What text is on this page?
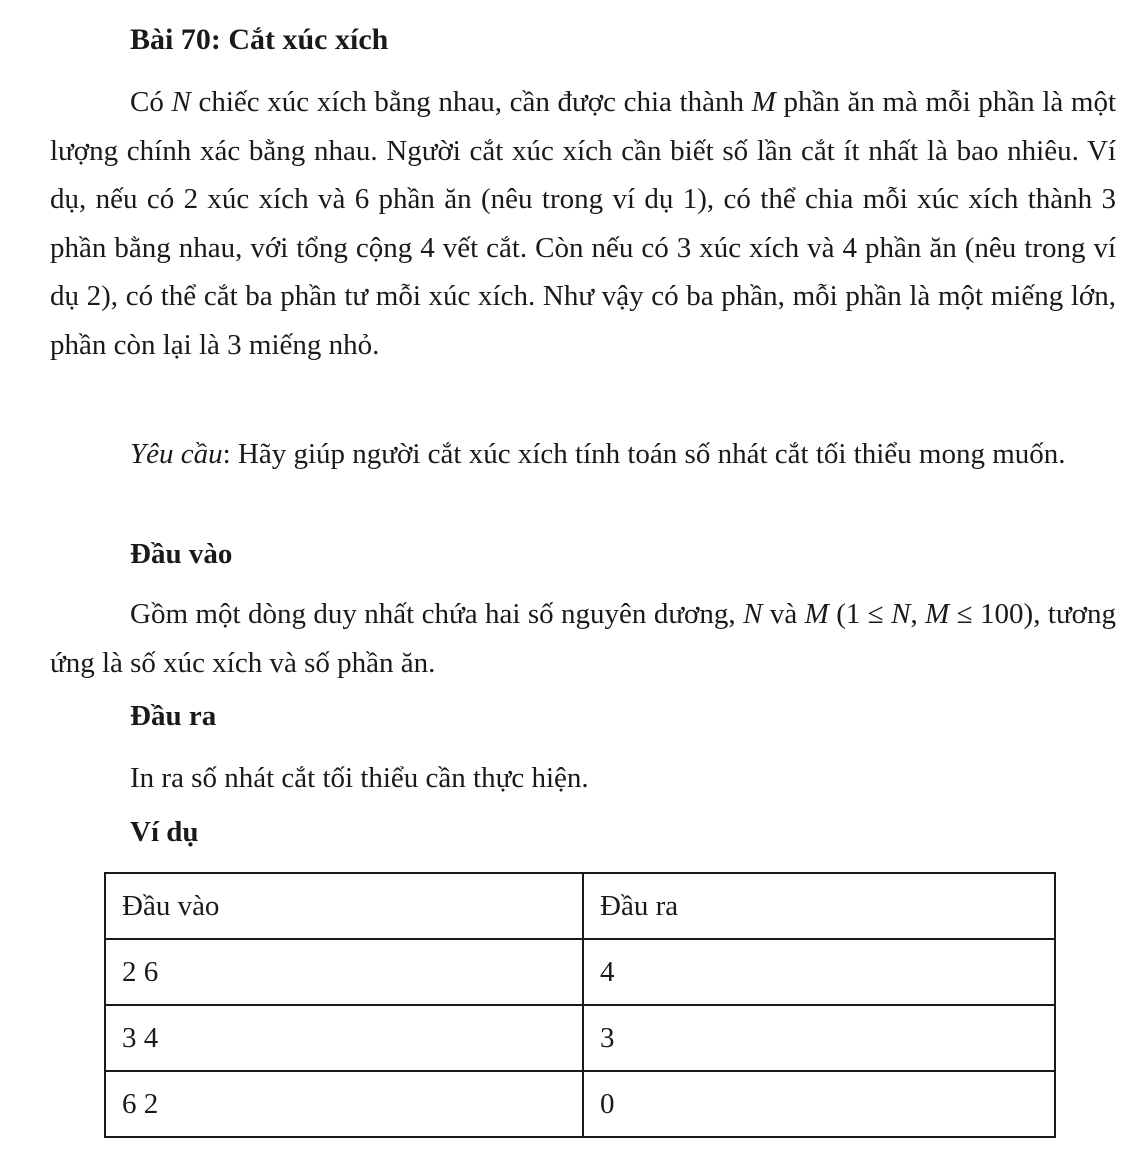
Bài 70: Cắt xúc xích

Có N chiếc xúc xích bằng nhau, cần được chia thành M phần ăn mà mỗi phần là một lượng chính xác bằng nhau. Người cắt xúc xích cần biết số lần cắt ít nhất là bao nhiêu. Ví dụ, nếu có 2 xúc xích và 6 phần ăn (nêu trong ví dụ 1), có thể chia mỗi xúc xích thành 3 phần bằng nhau, với tổng cộng 4 vết cắt. Còn nếu có 3 xúc xích và 4 phần ăn (nêu trong ví dụ 2), có thể cắt ba phần tư mỗi xúc xích. Như vậy có ba phần, mỗi phần là một miếng lớn, phần còn lại là 3 miếng nhỏ.

Yêu cầu: Hãy giúp người cắt xúc xích tính toán số nhát cắt tối thiểu mong muốn.

Đầu vào

Gồm một dòng duy nhất chứa hai số nguyên dương, N và M (1 ≤ N, M ≤ 100), tương ứng là số xúc xích và số phần ăn.

Đầu ra

In ra số nhát cắt tối thiểu cần thực hiện.

Ví dụ
Đầu vào	Đầu ra
2 6	4
3 4	3
6 2	0
